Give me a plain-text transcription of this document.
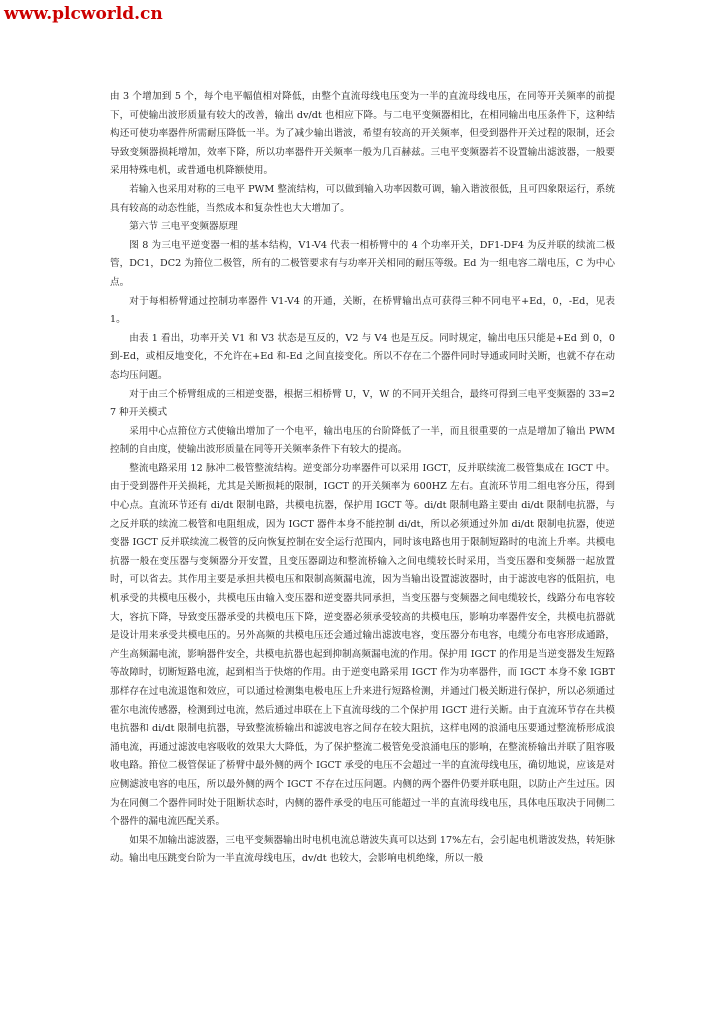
www.plcworld.cn

由 3 个增加到 5 个，每个电平幅值相对降低，由整个直流母线电压变为一半的直流母线电压，在同等开关频率的前提下，可使输出波形质量有较大的改善，输出 dv/dt 也相应下降。与二电平变频器相比，在相同输出电压条件下，这种结构还可使功率器件所需耐压降低一半。为了减少输出谐波，希望有较高的开关频率，但受到器件开关过程的限制，还会导致变频器损耗增加，效率下降，所以功率器件开关频率一般为几百赫兹。三电平变频器若不设置输出滤波器，一般要采用特殊电机，或普通电机降额使用。

若输入也采用对称的三电平 PWM 整流结构，可以做到输入功率因数可调，输入谐波很低，且可四象限运行，系统具有较高的动态性能，当然成本和复杂性也大大增加了。

第六节 三电平变频器原理

图 8 为三电平逆变器一相的基本结构，V1-V4 代表一相桥臂中的 4 个功率开关，DF1-DF4 为反并联的续流二极管，DC1，DC2 为箝位二极管，所有的二极管要求有与功率开关相同的耐压等级。Ed 为一组电容二端电压，C 为中心点。

对于每相桥臂通过控制功率器件 V1-V4 的开通，关断，在桥臂输出点可获得三种不同电平+Ed，0，-Ed，见表 1。

由表 1 看出，功率开关 V1 和 V3 状态是互反的，V2 与 V4 也是互反。同时规定，输出电压只能是+Ed 到 0，0 到-Ed，或相反地变化，不允许在+Ed 和-Ed 之间直接变化。所以不存在二个器件同时导通或同时关断，也就不存在动态均压问题。

对于由三个桥臂组成的三相逆变器，根据三相桥臂 U，V，W 的不同开关组合，最终可得到三电平变频器的 33=27 种开关模式

采用中心点箝位方式使输出增加了一个电平，输出电压的台阶降低了一半，而且很重要的一点是增加了输出 PWM 控制的自由度，使输出波形质量在同等开关频率条件下有较大的提高。

整流电路采用 12 脉冲二极管整流结构。逆变部分功率器件可以采用 IGCT，反并联续流二极管集成在 IGCT 中。由于受到器件开关损耗，尤其是关断损耗的限制，IGCT 的开关频率为 600HZ 左右。直流环节用二组电容分压，得到中心点。直流环节还有 di/dt 限制电路，共模电抗器，保护用 IGCT 等。di/dt 限制电路主要由 di/dt 限制电抗器，与之反并联的续流二极管和电阻组成，因为 IGCT 器件本身不能控制 di/dt，所以必须通过外加 di/dt 限制电抗器，使逆变器 IGCT 反并联续流二极管的反向恢复控制在安全运行范围内，同时该电路也用于限制短路时的电流上升率。共模电抗器一般在变压器与变频器分开安置，且变压器副边和整流桥输入之间电缆较长时采用，当变压器和变频器一起放置时，可以省去。其作用主要是承担共模电压和限制高频漏电流，因为当输出设置滤波器时，由于滤波电容的低阻抗，电机承受的共模电压极小，共模电压由输入变压器和逆变器共同承担，当变压器与变频器之间电缆较长，线路分布电容较大，容抗下降，导致变压器承受的共模电压下降，逆变器必须承受较高的共模电压，影响功率器件安全，共模电抗器就是设计用来承受共模电压的。另外高频的共模电压还会通过输出滤波电容，变压器分布电容，电缆分布电容形成通路，产生高频漏电流，影响器件安全，共模电抗器也起到抑制高频漏电流的作用。保护用 IGCT 的作用是当逆变器发生短路等故障时，切断短路电流，起到相当于快熔的作用。由于逆变电路采用 IGCT 作为功率器件，而 IGCT 本身不象 IGBT 那样存在过电流退饱和效应，可以通过检测集电极电压上升来进行短路检测，并通过门极关断进行保护，所以必须通过霍尔电流传感器，检测到过电流，然后通过串联在上下直流母线的二个保护用 IGCT 进行关断。由于直流环节存在共模电抗器和 di/dt 限制电抗器，导致整流桥输出和滤波电容之间存在较大阻抗，这样电网的浪涌电压要通过整流桥形成浪涌电流，再通过滤波电容吸收的效果大大降低，为了保护整流二极管免受浪涌电压的影响，在整流桥输出并联了阻容吸收电路。箝位二极管保证了桥臂中最外侧的两个 IGCT 承受的电压不会超过一半的直流母线电压，确切地说，应该是对应侧滤波电容的电压，所以最外侧的两个 IGCT 不存在过压问题。内侧的两个器件仍要并联电阻，以防止产生过压。因为在同侧二个器件同时处于阻断状态时，内侧的器件承受的电压可能超过一半的直流母线电压，具体电压取决于同侧二个器件的漏电流匹配关系。

如果不加输出滤波器，三电平变频器输出时电机电流总谐波失真可以达到 17%左右，会引起电机谐波发热，转矩脉动。输出电压跳变台阶为一半直流母线电压，dv/dt 也较大，会影响电机绝缘，所以一般
